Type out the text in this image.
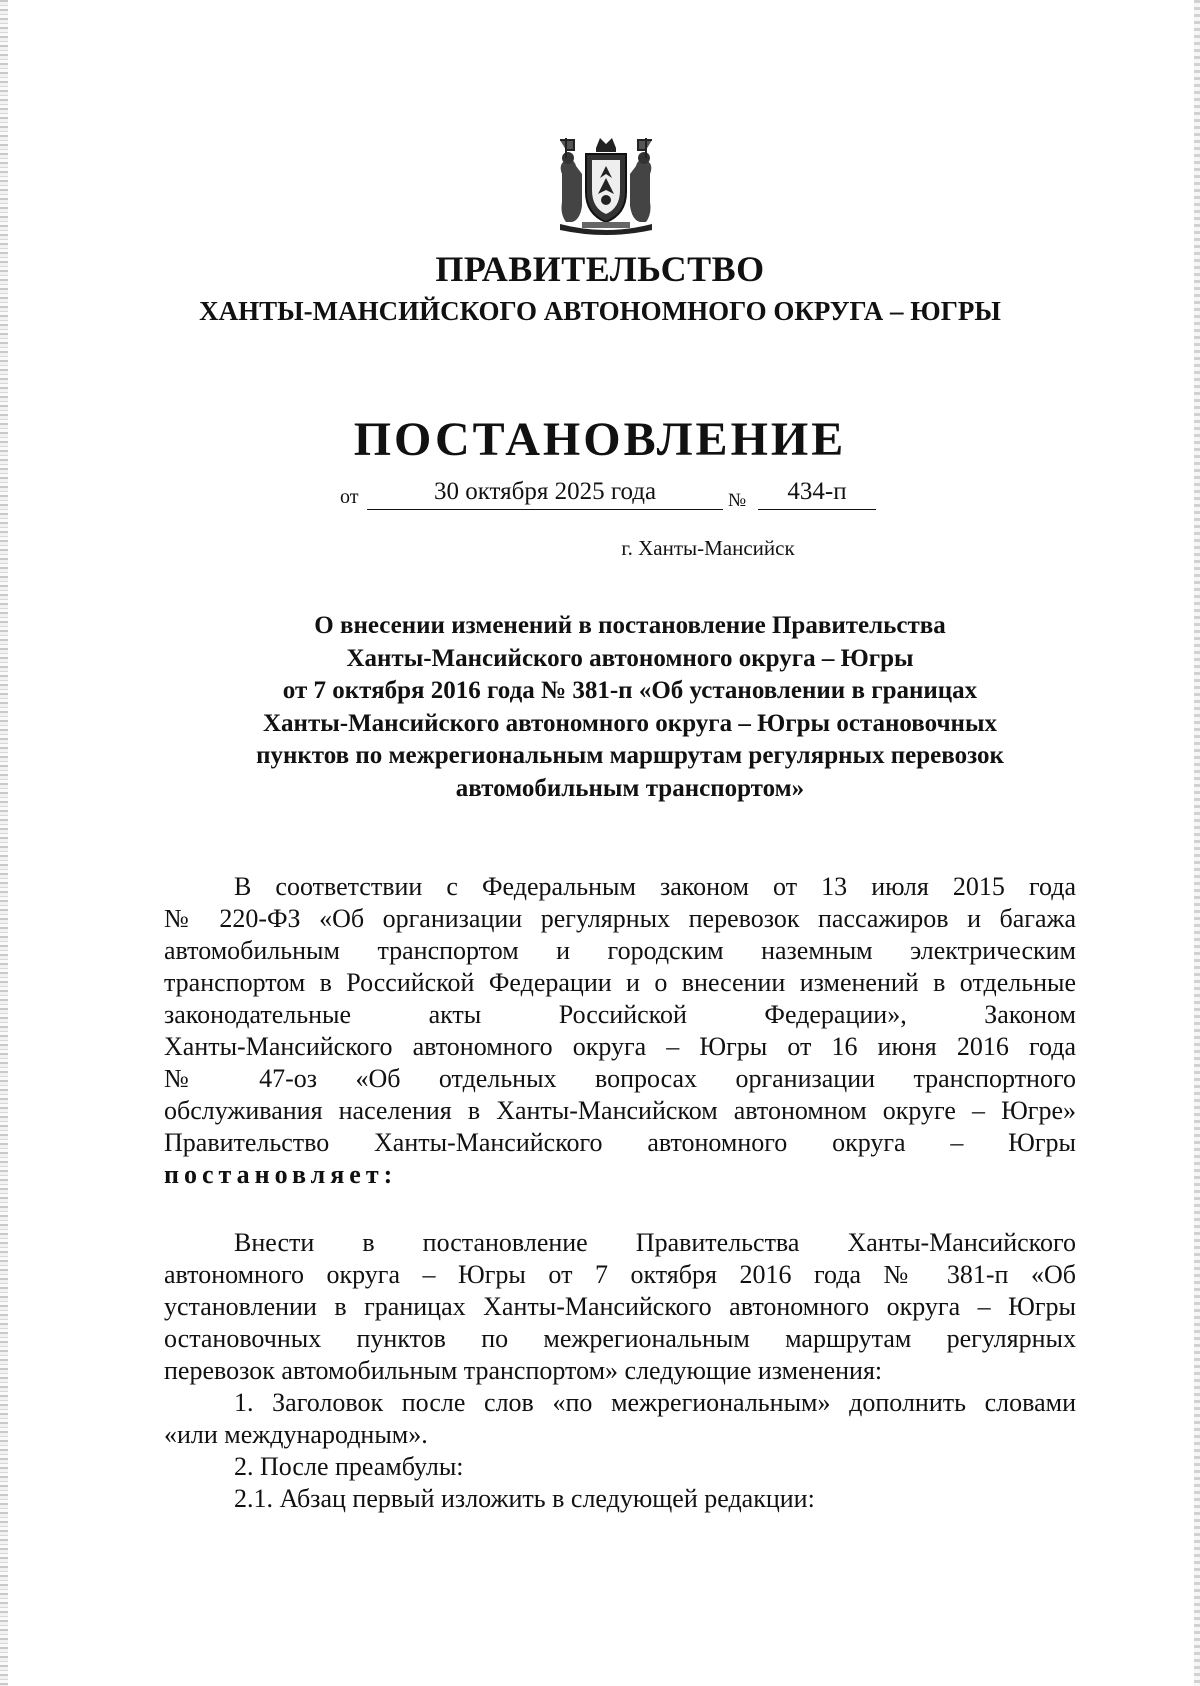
ПРАВИТЕЛЬСТВО
ХАНТЫ-МАНСИЙСКОГО АВТОНОМНОГО ОКРУГА – ЮГРЫ
ПОСТАНОВЛЕНИЕ
от	30 октября 2025 года	№	434-п
г. Ханты-Мансийск
О внесении изменений в постановление Правительства
Ханты-Мансийского автономного округа – Югры
от 7 октября 2016 года № 381-п «Об установлении в границах
Ханты-Мансийского автономного округа – Югры остановочных
пунктов по межрегиональным маршрутам регулярных перевозок
автомобильным транспортом»
В соответствии с Федеральным законом от 13 июля 2015 года
№ 220-ФЗ «Об организации регулярных перевозок пассажиров и багажа
автомобильным транспортом и городским наземным электрическим
транспортом в Российской Федерации и о внесении изменений в отдельные
законодательные акты Российской Федерации», Законом
Ханты-Мансийского автономного округа – Югры от 16 июня 2016 года
№ 47-оз «Об отдельных вопросах организации транспортного
обслуживания населения в Ханты-Мансийском автономном округе – Югре»
Правительство Ханты-Мансийского автономного округа – Югры
постановляет:
Внести в постановление Правительства Ханты-Мансийского
автономного округа – Югры от 7 октября 2016 года № 381-п «Об
установлении в границах Ханты-Мансийского автономного округа – Югры
остановочных пунктов по межрегиональным маршрутам регулярных
перевозок автомобильным транспортом» следующие изменения:
1. Заголовок после слов «по межрегиональным» дополнить словами
«или международным».
2. После преамбулы:
2.1. Абзац первый изложить в следующей редакции:
